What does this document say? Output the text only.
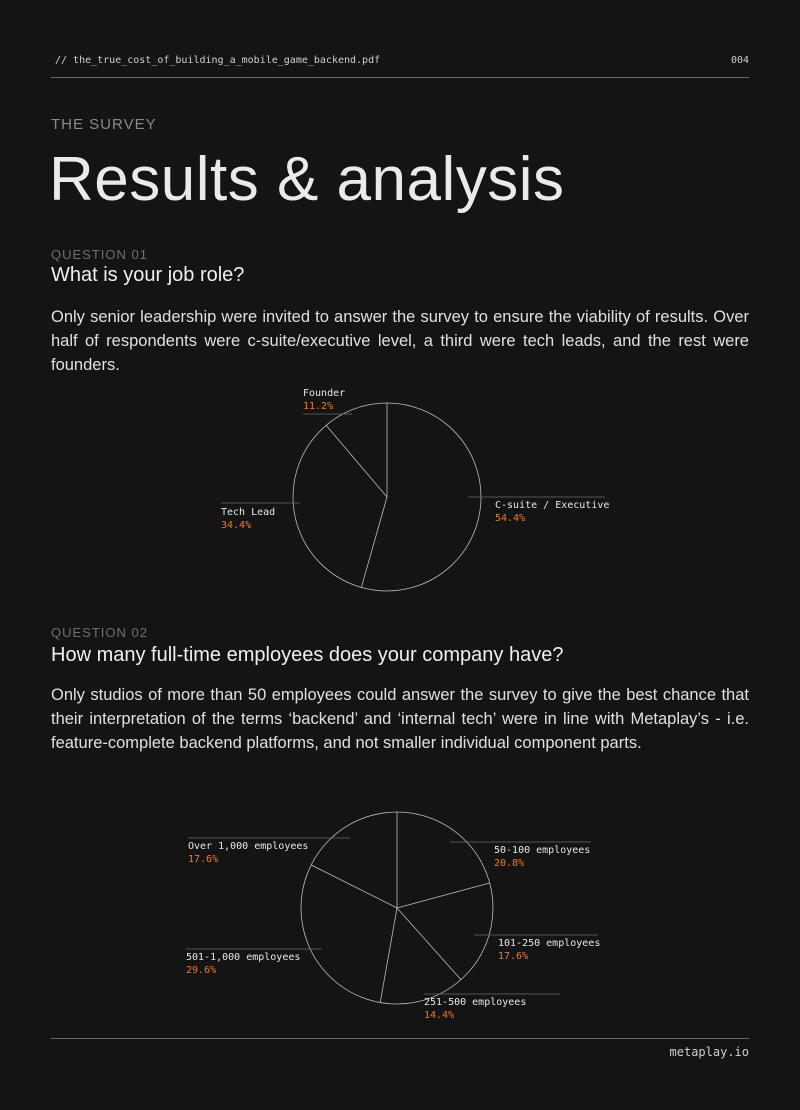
// the_true_cost_of_building_a_mobile_game_backend.pdf	004
THE SURVEY
Results & analysis
QUESTION 01
What is your job role?

Only senior leadership were invited to answer the survey to ensure the viability of results. Over half of respondents were c-suite/executive level, a third were tech leads, and the rest were founders.

QUESTION 02
How many full-time employees does your company have?

Only studios of more than 50 employees could answer the survey to give the best chance that their interpretation of the terms ‘backend’ and ‘internal tech’ were in line with Metaplay’s - i.e. feature-complete backend platforms, and not smaller individual component parts.

C-suite / Executive
54.4%
Tech Lead
34.4%
Founder
11.2%
50-100 employees
20.8%
101-250 employees
17.6%
251-500 employees
14.4%
501-1,000 employees
29.6%
Over 1,000 employees
17.6%
metaplay.io
